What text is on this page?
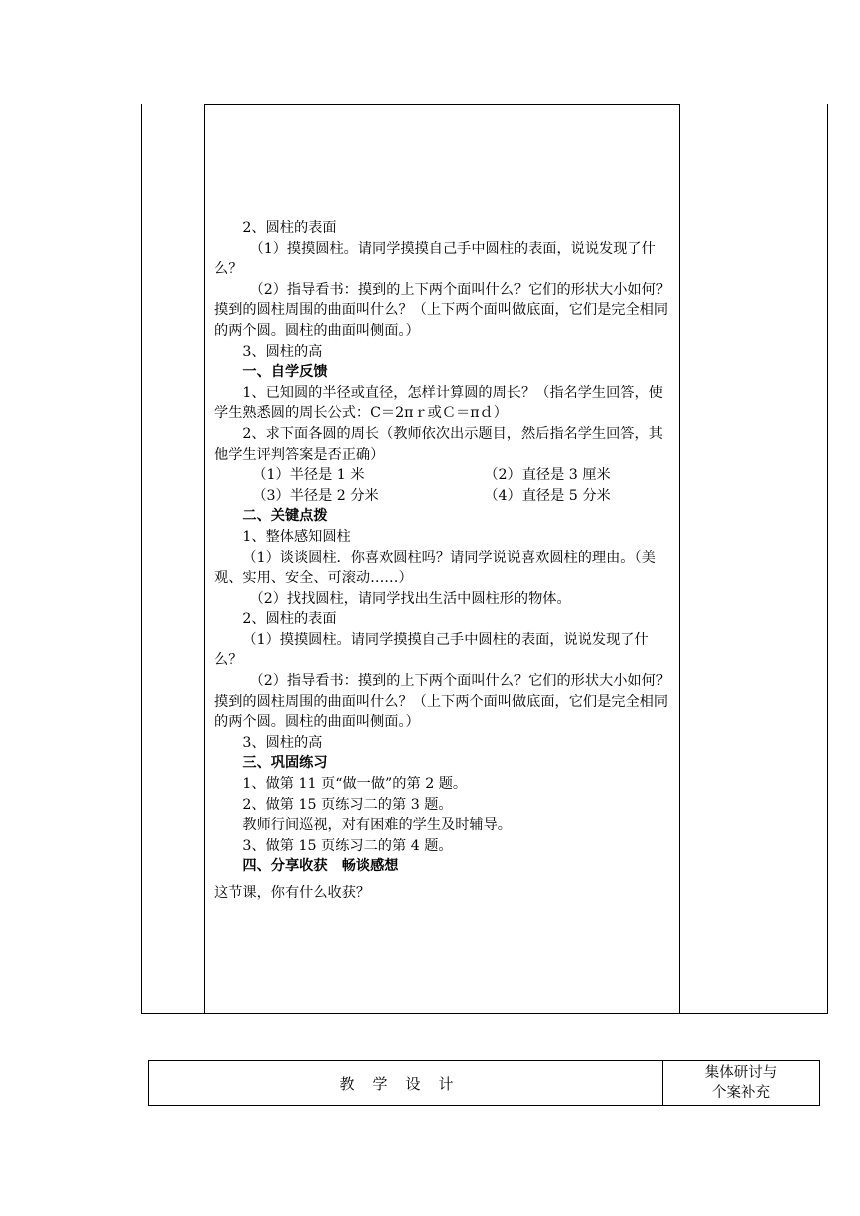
2、圆柱的表面

（1）摸摸圆柱。请同学摸摸自己手中圆柱的表面，说说发现了什么？

（2）指导看书：摸到的上下两个面叫什么？它们的形状大小如何？摸到的圆柱周围的曲面叫什么？（上下两个面叫做底面，它们是完全相同的两个圆。圆柱的曲面叫侧面。）

3、圆柱的高

一、自学反馈

1、已知圆的半径或直径，怎样计算圆的周长？（指名学生回答，使学生熟悉圆的周长公式：C＝2πｒ或Ｃ＝πｄ）

2、求下面各圆的周长（教师依次出示题目，然后指名学生回答，其他学生评判答案是否正确）

（1）半径是 1 米	（2）直径是 3 厘米
（3）半径是 2 分米	（4）直径是 5 分米

二、关键点拨

1、整体感知圆柱

（1）谈谈圆柱．你喜欢圆柱吗？请同学说说喜欢圆柱的理由。（美观、实用、安全、可滚动……）

（2）找找圆柱，请同学找出生活中圆柱形的物体。

2、圆柱的表面

（1）摸摸圆柱。请同学摸摸自己手中圆柱的表面，说说发现了什么？

（2）指导看书：摸到的上下两个面叫什么？它们的形状大小如何？摸到的圆柱周围的曲面叫什么？（上下两个面叫做底面，它们是完全相同的两个圆。圆柱的曲面叫侧面。）

3、圆柱的高

三、巩固练习

1、做第 11 页“做一做”的第 2 题。

2、做第 15 页练习二的第 3 题。

教师行间巡视，对有困难的学生及时辅导。

3、做第 15 页练习二的第 4 题。

四、分享收获　畅谈感想

这节课，你有什么收获？

教学设计
集体研讨与
个案补充
